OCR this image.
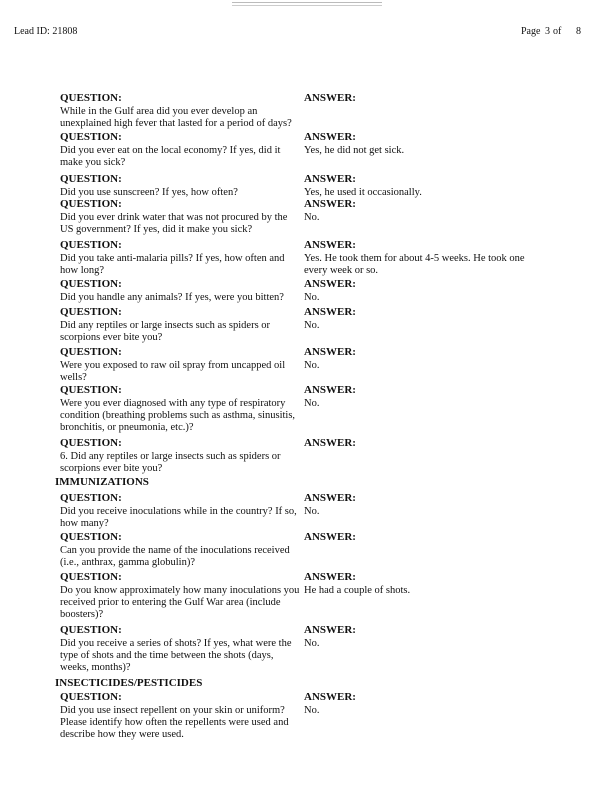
Lead ID: 21808	Page 3 of 8
QUESTION:
While in the Gulf area did you ever develop an
unexplained high fever that lasted for a period of days?
ANSWER:
QUESTION:
Did you ever eat on the local economy? If yes, did it
make you sick?
ANSWER:
Yes, he did not get sick.
QUESTION:
Did you use sunscreen? If yes, how often?
ANSWER:
Yes, he used it occasionally.
QUESTION:
Did you ever drink water that was not procured by the
US government? If yes, did it make you sick?
ANSWER:
No.
QUESTION:
Did you take anti-malaria pills? If yes, how often and
how long?
ANSWER:
Yes. He took them for about 4-5 weeks. He took one
every week or so.
QUESTION:
Did you handle any animals? If yes, were you bitten?
ANSWER:
No.
QUESTION:
Did any reptiles or large insects such as spiders or
scorpions ever bite you?
ANSWER:
No.
QUESTION:
Were you exposed to raw oil spray from uncapped oil
wells?
ANSWER:
No.
QUESTION:
Were you ever diagnosed with any type of respiratory
condition (breathing problems such as asthma, sinusitis,
bronchitis, or pneumonia, etc.)?
ANSWER:
No.
QUESTION:
6. Did any reptiles or large insects such as spiders or
scorpions ever bite you?
ANSWER:
QUESTION:
Did you receive inoculations while in the country? If so,
how many?
ANSWER:
No.
QUESTION:
Can you provide the name of the inoculations received
(i.e., anthrax, gamma globulin)?
ANSWER:
QUESTION:
Do you know approximately how many inoculations you
received prior to entering the Gulf War area (include
boosters)?
ANSWER:
He had a couple of shots.
QUESTION:
Did you receive a series of shots? If yes, what were the
type of shots and the time between the shots (days,
weeks, months)?
ANSWER:
No.
QUESTION:
Did you use insect repellent on your skin or uniform?
Please identify how often the repellents were used and
describe how they were used.
ANSWER:
No.
IMMUNIZATIONS
INSECTICIDES/PESTICIDES
